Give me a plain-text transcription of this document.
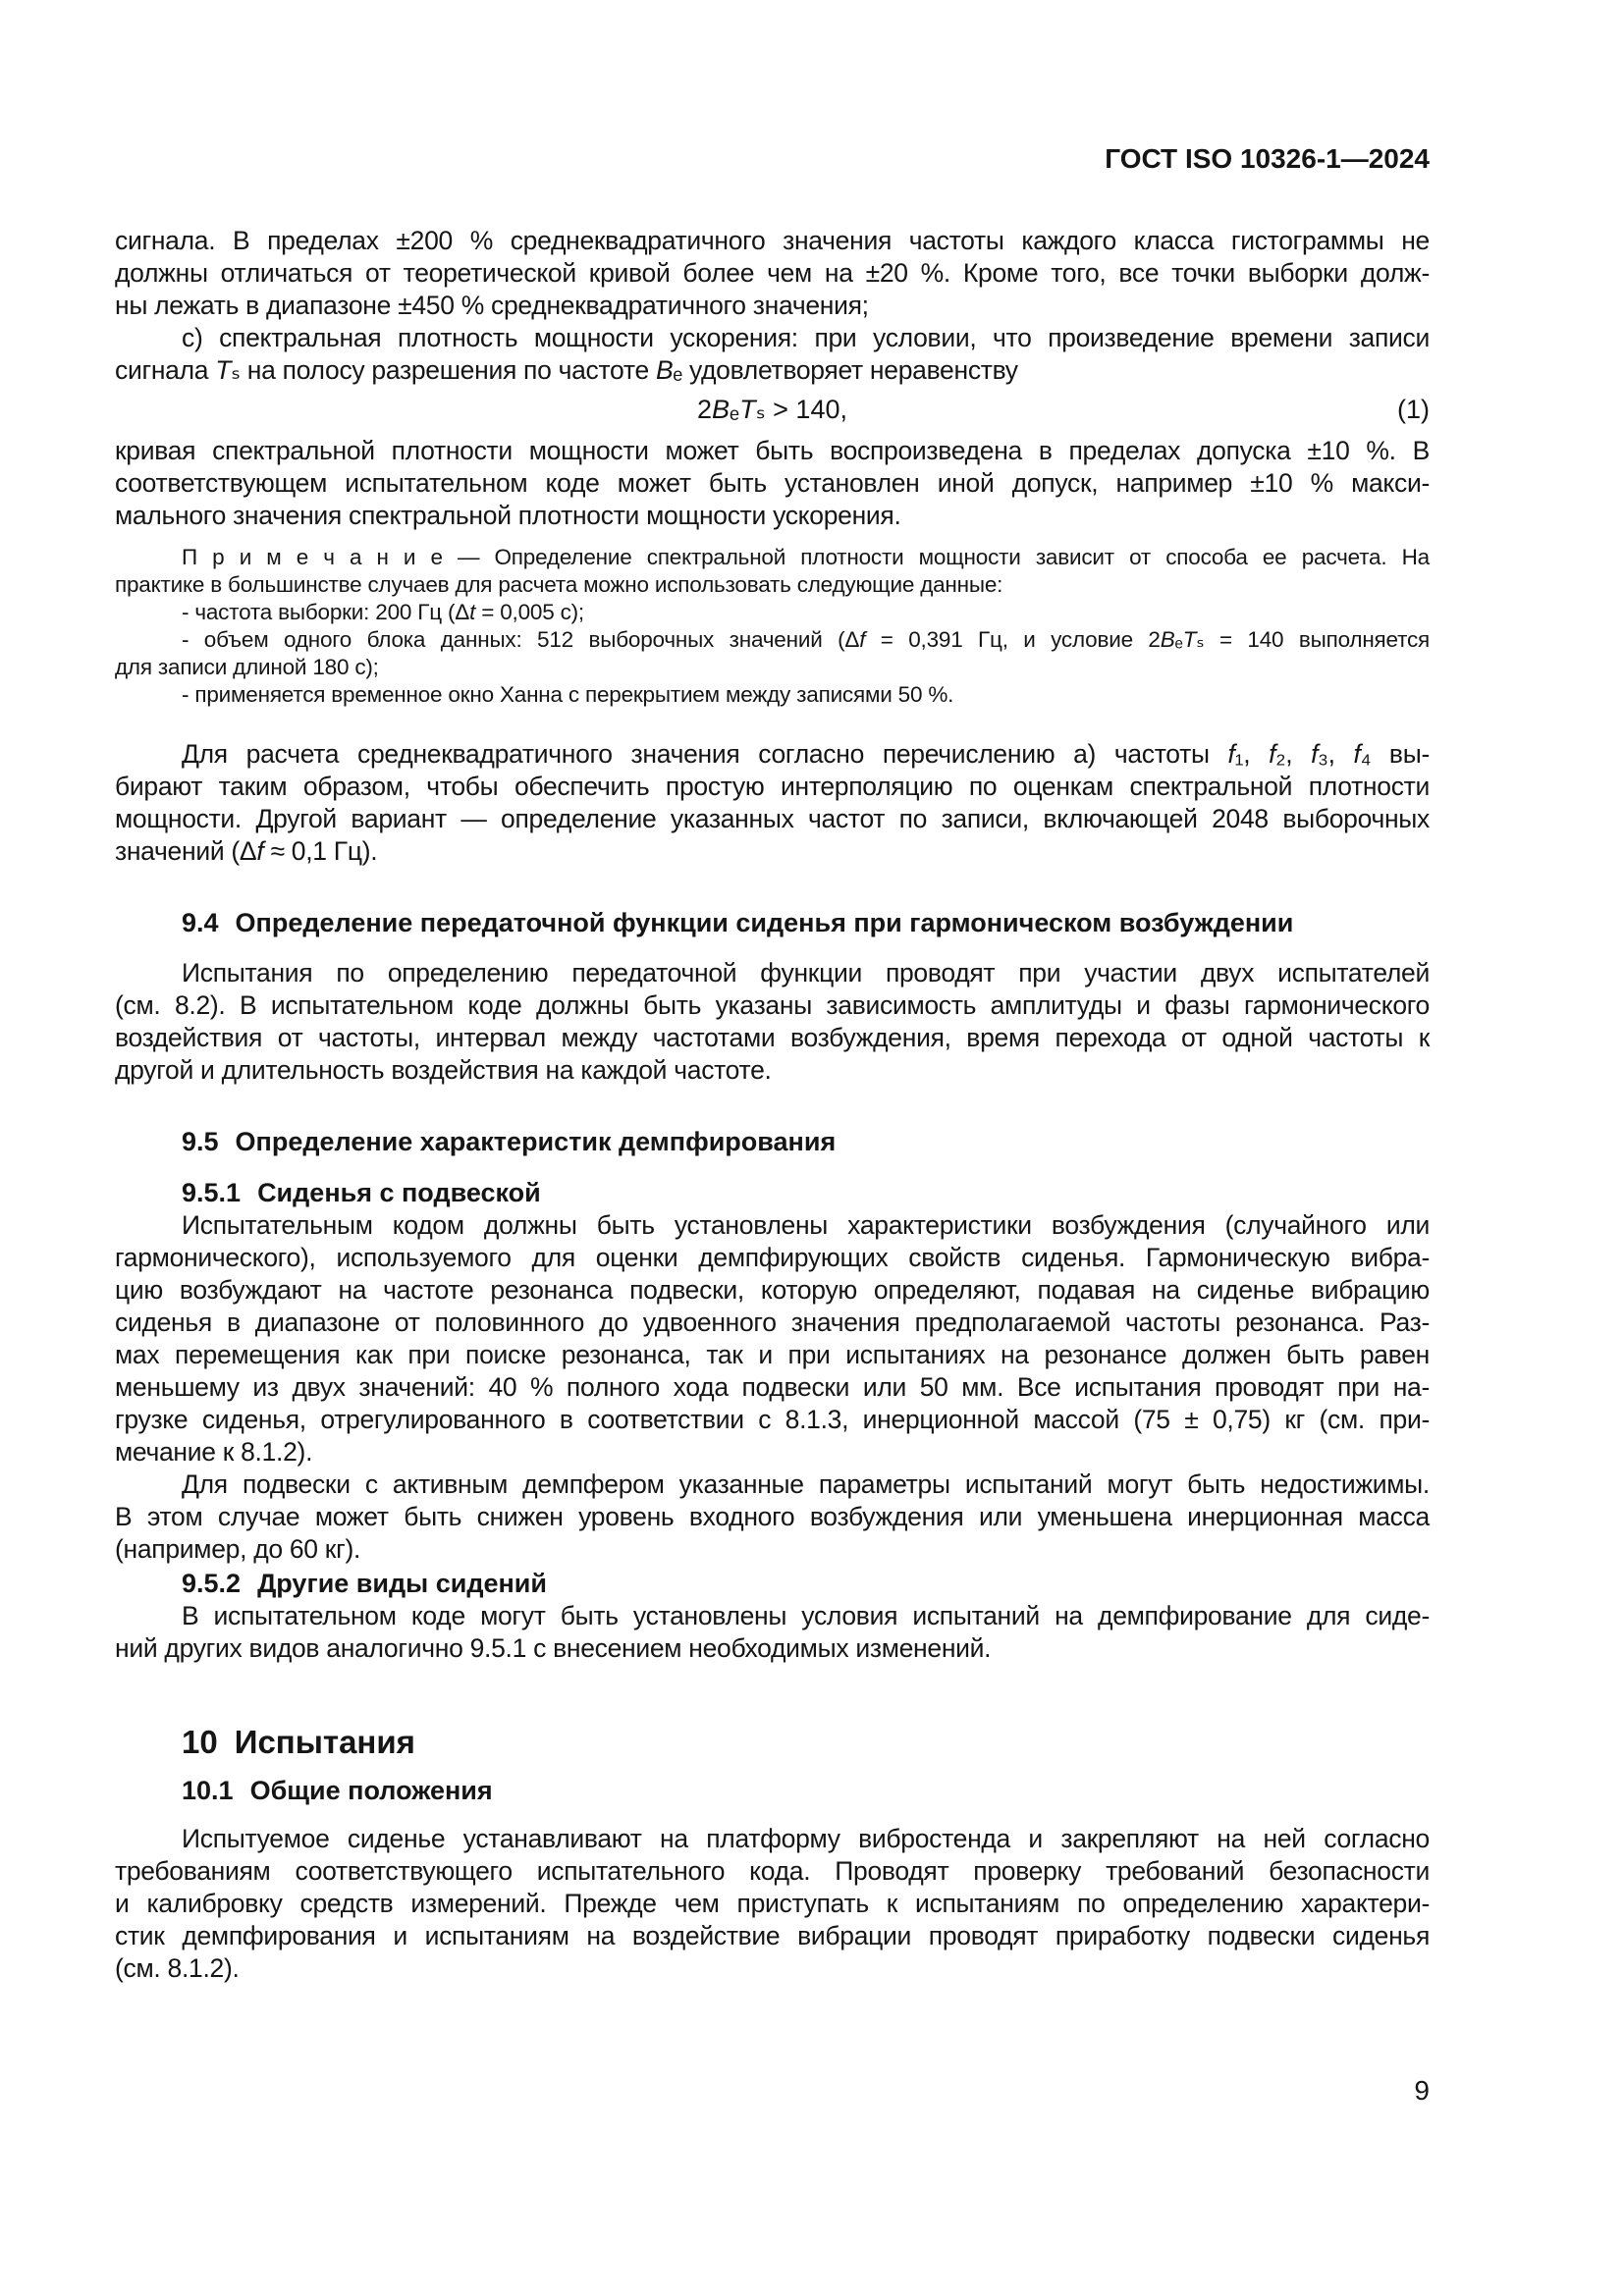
ГОСТ ISO 10326-1—2024
сигнала. В пределах ±200 % среднеквадратичного значения частоты каждого класса гистограммы не
должны отличаться от теоретической кривой более чем на ±20 %. Кроме того, все точки выборки долж-
ны лежать в диапазоне ±450 % среднеквадратичного значения;
c) спектральная плотность мощности ускорения: при условии, что произведение времени записи
сигнала Tₛ на полосу разрешения по частоте Bₑ удовлетворяет неравенству
2BₑTₛ > 140,	(1)
кривая спектральной плотности мощности может быть воспроизведена в пределах допуска ±10 %. В
соответствующем испытательном коде может быть установлен иной допуск, например ±10 % макси-
мального значения спектральной плотности мощности ускорения.
П р и м е ч а н и е — Определение спектральной плотности мощности зависит от способа ее расчета. На
практике в большинстве случаев для расчета можно использовать следующие данные:
- частота выборки: 200 Гц (Δt = 0,005 с);
- объем одного блока данных: 512 выборочных значений (Δf = 0,391 Гц, и условие 2BₑTₛ = 140 выполняется
для записи длиной 180 с);
- применяется временное окно Ханна с перекрытием между записями 50 %.
Для расчета среднеквадратичного значения согласно перечислению а) частоты f₁, f₂, f₃, f₄ вы-
бирают таким образом, чтобы обеспечить простую интерполяцию по оценкам спектральной плотности
мощности. Другой вариант — определение указанных частот по записи, включающей 2048 выборочных
значений (Δf ≈ 0,1 Гц).
9.4 Определение передаточной функции сиденья при гармоническом возбуждении
Испытания по определению передаточной функции проводят при участии двух испытателей
(см. 8.2). В испытательном коде должны быть указаны зависимость амплитуды и фазы гармонического
воздействия от частоты, интервал между частотами возбуждения, время перехода от одной частоты к
другой и длительность воздействия на каждой частоте.
9.5 Определение характеристик демпфирования
9.5.1 Сиденья с подвеской
Испытательным кодом должны быть установлены характеристики возбуждения (случайного или
гармонического), используемого для оценки демпфирующих свойств сиденья. Гармоническую вибра-
цию возбуждают на частоте резонанса подвески, которую определяют, подавая на сиденье вибрацию
сиденья в диапазоне от половинного до удвоенного значения предполагаемой частоты резонанса. Раз-
мах перемещения как при поиске резонанса, так и при испытаниях на резонансе должен быть равен
меньшему из двух значений: 40 % полного хода подвески или 50 мм. Все испытания проводят при на-
грузке сиденья, отрегулированного в соответствии с 8.1.3, инерционной массой (75 ± 0,75) кг (см. при-
мечание к 8.1.2).
Для подвески с активным демпфером указанные параметры испытаний могут быть недостижимы.
В этом случае может быть снижен уровень входного возбуждения или уменьшена инерционная масса
(например, до 60 кг).
9.5.2 Другие виды сидений
В испытательном коде могут быть установлены условия испытаний на демпфирование для сиде-
ний других видов аналогично 9.5.1 с внесением необходимых изменений.
10 Испытания
10.1 Общие положения
Испытуемое сиденье устанавливают на платформу вибростенда и закрепляют на ней согласно
требованиям соответствующего испытательного кода. Проводят проверку требований безопасности
и калибровку средств измерений. Прежде чем приступать к испытаниям по определению характери-
стик демпфирования и испытаниям на воздействие вибрации проводят приработку подвески сиденья
(см. 8.1.2).
9
